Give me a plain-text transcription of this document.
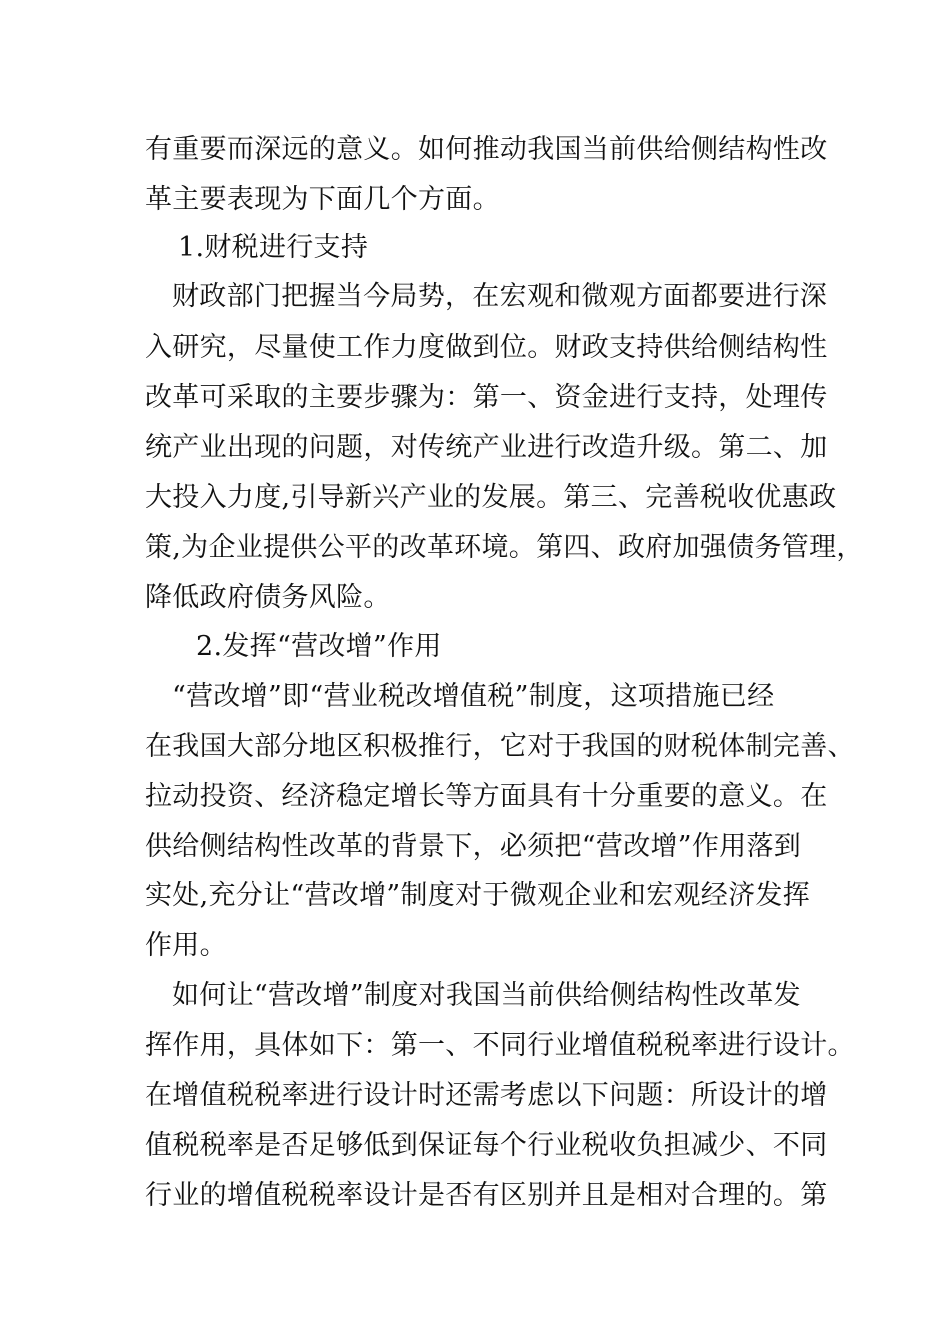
有重要而深远的意义。如何推动我国当前供给侧结构性改
革主要表现为下面几个方面。
1.财税进行支持
财政部门把握当今局势，在宏观和微观方面都要进行深
入研究，尽量使工作力度做到位。财政支持供给侧结构性
改革可采取的主要步骤为：第一、资金进行支持，处理传
统产业出现的问题，对传统产业进行改造升级。第二、加
大投入力度,引导新兴产业的发展。第三、完善税收优惠政
策,为企业提供公平的改革环境。第四、政府加强债务管理，
降低政府债务风险。
2.发挥“营改增”作用
“营改增”即“营业税改增值税”制度，这项措施已经
在我国大部分地区积极推行，它对于我国的财税体制完善、
拉动投资、经济稳定增长等方面具有十分重要的意义。在
供给侧结构性改革的背景下，必须把“营改增”作用落到
实处,充分让“营改增”制度对于微观企业和宏观经济发挥
作用。
如何让“营改增”制度对我国当前供给侧结构性改革发
挥作用，具体如下：第一、不同行业增值税税率进行设计。
在增值税税率进行设计时还需考虑以下问题：所设计的增
值税税率是否足够低到保证每个行业税收负担减少、不同
行业的增值税税率设计是否有区别并且是相对合理的。第
